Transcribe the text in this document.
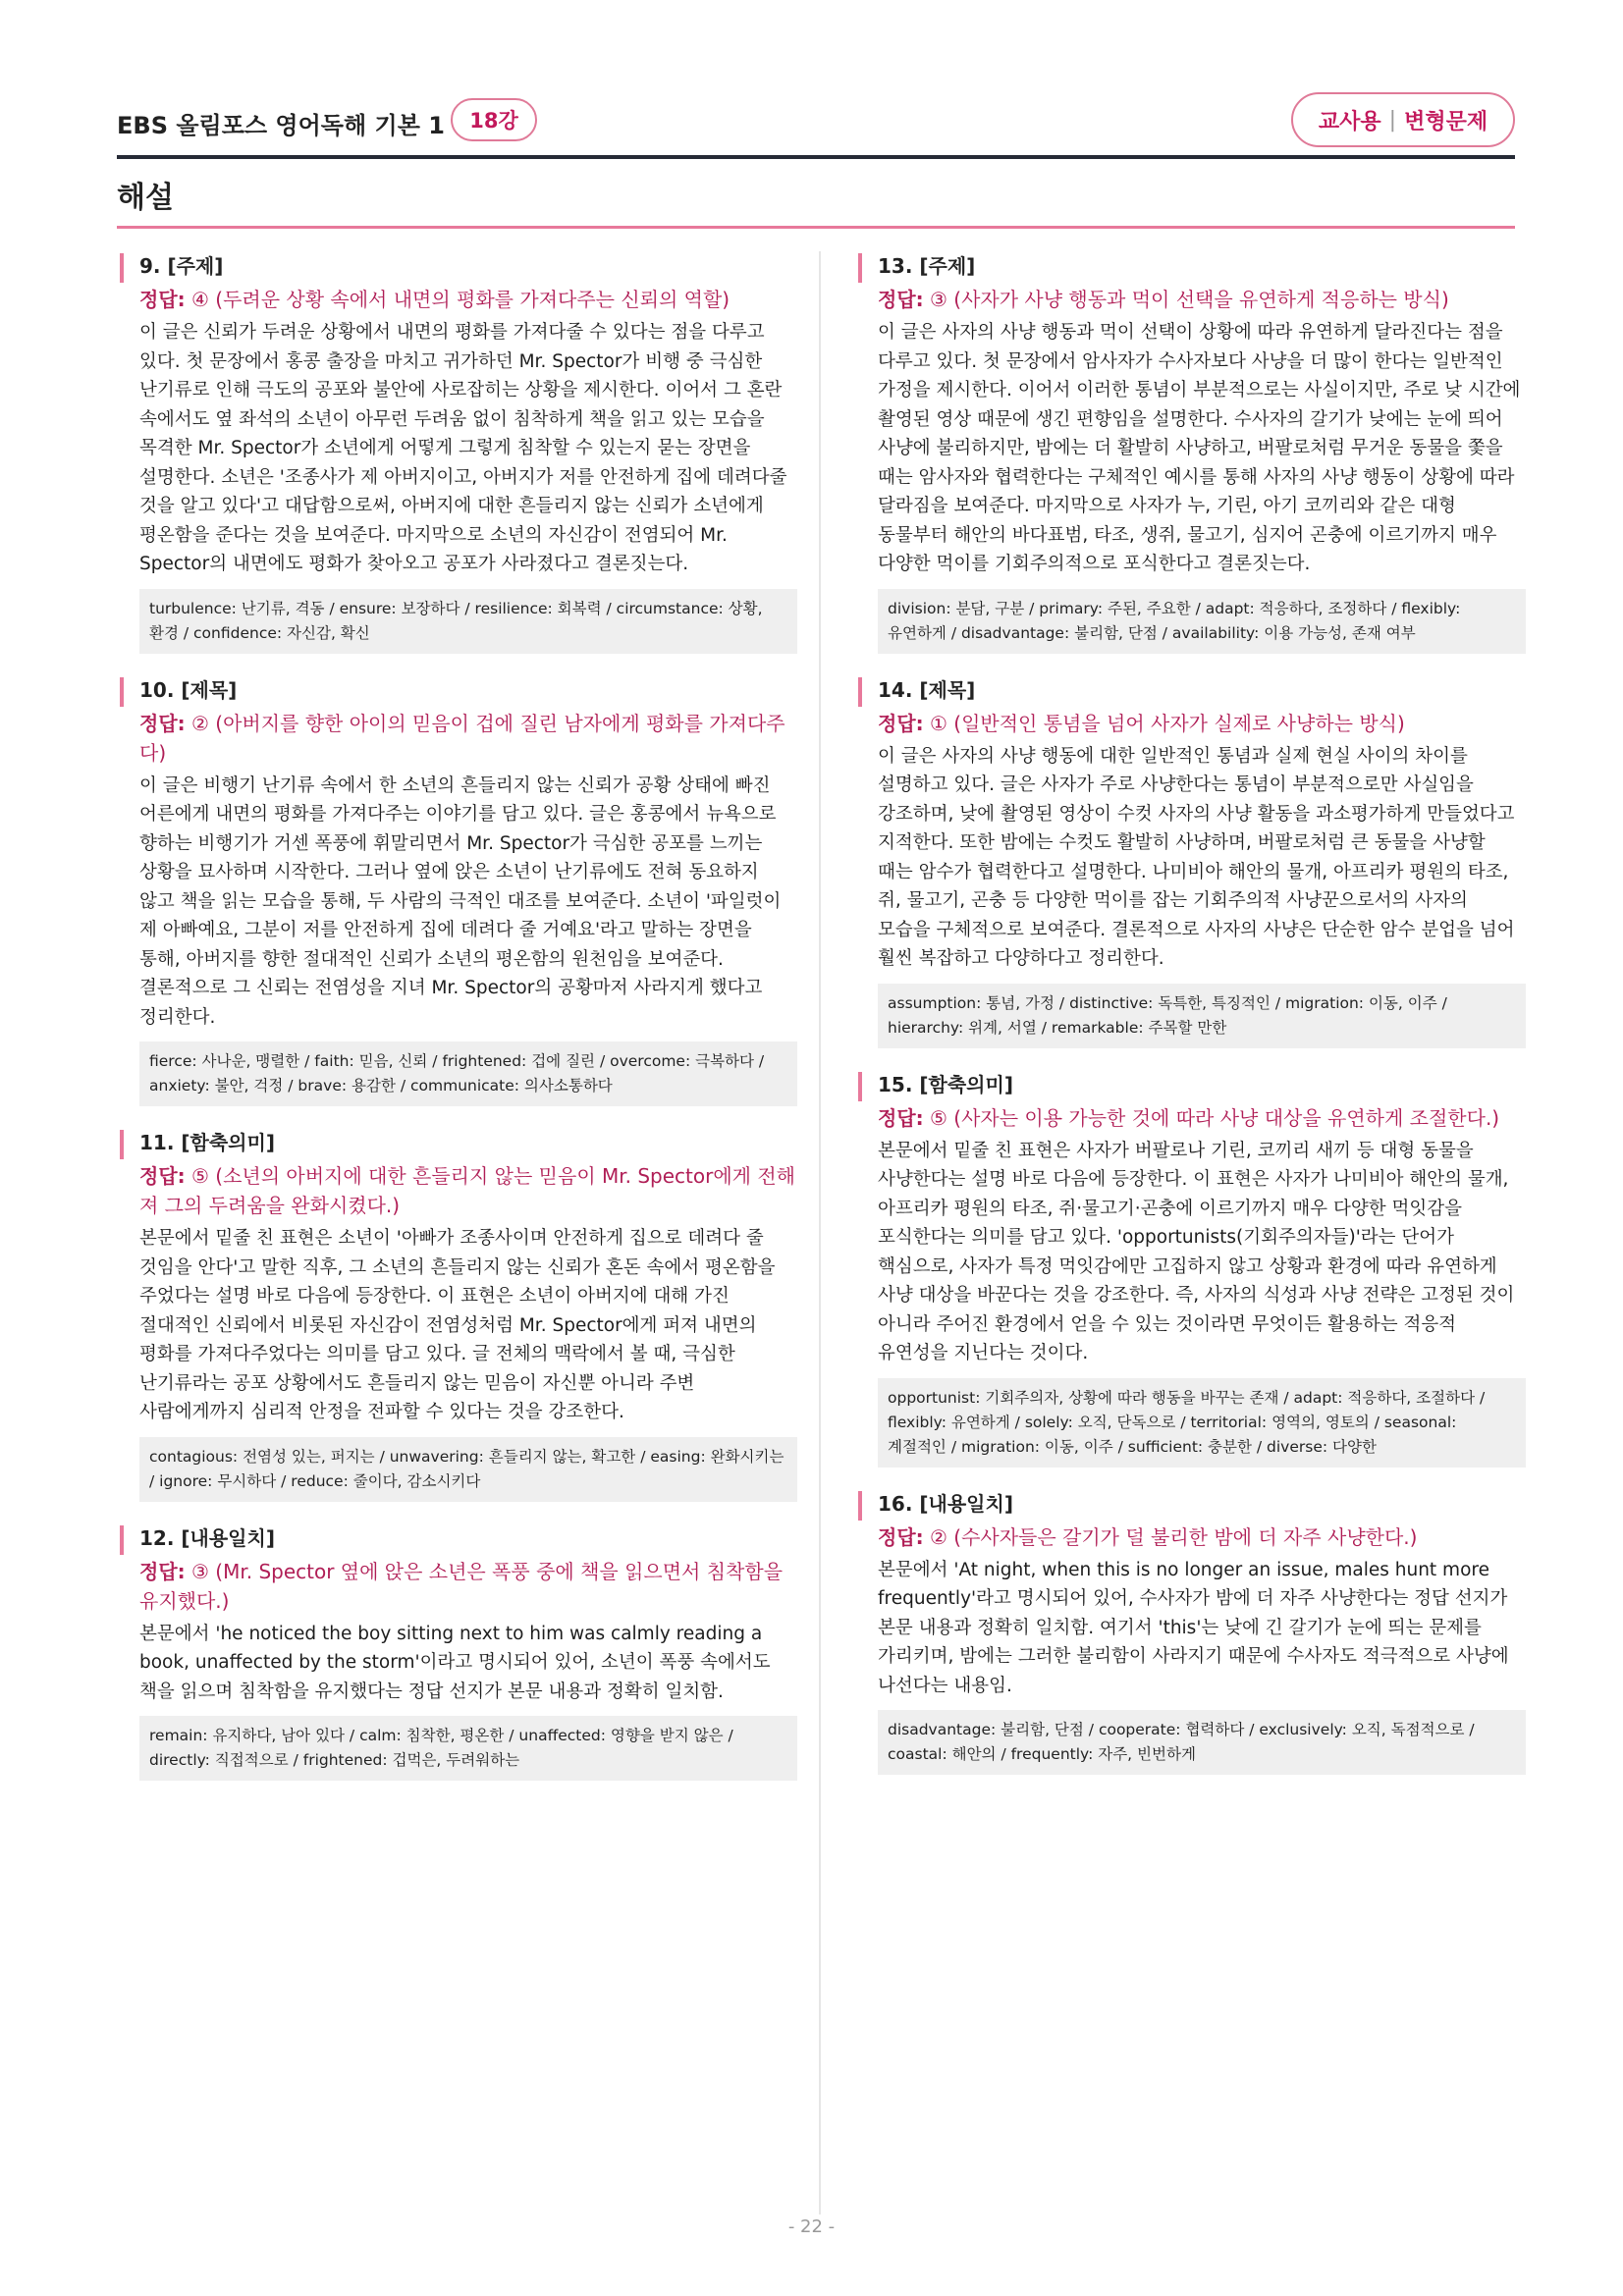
EBS 올림포스 영어독해 기본 1	18강	교사용 | 변형문제
해설
9. [주제]
정답: ④ (두려운 상황 속에서 내면의 평화를 가져다주는 신뢰의 역할)
이 글은 신뢰가 두려운 상황에서 내면의 평화를 가져다줄 수 있다는 점을 다루고 있다. 첫 문장에서 홍콩 출장을 마치고 귀가하던 Mr. Spector가 비행 중 극심한 난기류로 인해 극도의 공포와 불안에 사로잡히는 상황을 제시한다. 이어서 그 혼란 속에서도 옆 좌석의 소년이 아무런 두려움 없이 침착하게 책을 읽고 있는 모습을 목격한 Mr. Spector가 소년에게 어떻게 그렇게 침착할 수 있는지 묻는 장면을 설명한다. 소년은 '조종사가 제 아버지이고, 아버지가 저를 안전하게 집에 데려다줄 것을 알고 있다'고 대답함으로써, 아버지에 대한 흔들리지 않는 신뢰가 소년에게 평온함을 준다는 것을 보여준다. 마지막으로 소년의 자신감이 전염되어 Mr. Spector의 내면에도 평화가 찾아오고 공포가 사라졌다고 결론짓는다.
turbulence: 난기류, 격동 / ensure: 보장하다 / resilience: 회복력 / circumstance: 상황, 환경 / confidence: 자신감, 확신
10. [제목]
정답: ② (아버지를 향한 아이의 믿음이 겁에 질린 남자에게 평화를 가져다주다)
이 글은 비행기 난기류 속에서 한 소년의 흔들리지 않는 신뢰가 공황 상태에 빠진 어른에게 내면의 평화를 가져다주는 이야기를 담고 있다. 글은 홍콩에서 뉴욕으로 향하는 비행기가 거센 폭풍에 휘말리면서 Mr. Spector가 극심한 공포를 느끼는 상황을 묘사하며 시작한다. 그러나 옆에 앉은 소년이 난기류에도 전혀 동요하지 않고 책을 읽는 모습을 통해, 두 사람의 극적인 대조를 보여준다. 소년이 '파일럿이 제 아빠예요, 그분이 저를 안전하게 집에 데려다 줄 거예요'라고 말하는 장면을 통해, 아버지를 향한 절대적인 신뢰가 소년의 평온함의 원천임을 보여준다. 결론적으로 그 신뢰는 전염성을 지녀 Mr. Spector의 공황마저 사라지게 했다고 정리한다.
fierce: 사나운, 맹렬한 / faith: 믿음, 신뢰 / frightened: 겁에 질린 / overcome: 극복하다 / anxiety: 불안, 걱정 / brave: 용감한 / communicate: 의사소통하다
11. [함축의미]
정답: ⑤ (소년의 아버지에 대한 흔들리지 않는 믿음이 Mr. Spector에게 전해져 그의 두려움을 완화시켰다.)
본문에서 밑줄 친 표현은 소년이 '아빠가 조종사이며 안전하게 집으로 데려다 줄 것임을 안다'고 말한 직후, 그 소년의 흔들리지 않는 신뢰가 혼돈 속에서 평온함을 주었다는 설명 바로 다음에 등장한다. 이 표현은 소년이 아버지에 대해 가진 절대적인 신뢰에서 비롯된 자신감이 전염성처럼 Mr. Spector에게 퍼져 내면의 평화를 가져다주었다는 의미를 담고 있다. 글 전체의 맥락에서 볼 때, 극심한 난기류라는 공포 상황에서도 흔들리지 않는 믿음이 자신뿐 아니라 주변 사람에게까지 심리적 안정을 전파할 수 있다는 것을 강조한다.
contagious: 전염성 있는, 퍼지는 / unwavering: 흔들리지 않는, 확고한 / easing: 완화시키는 / ignore: 무시하다 / reduce: 줄이다, 감소시키다
12. [내용일치]
정답: ③ (Mr. Spector 옆에 앉은 소년은 폭풍 중에 책을 읽으면서 침착함을 유지했다.)
본문에서 'he noticed the boy sitting next to him was calmly reading a book, unaffected by the storm'이라고 명시되어 있어, 소년이 폭풍 속에서도 책을 읽으며 침착함을 유지했다는 정답 선지가 본문 내용과 정확히 일치함.
remain: 유지하다, 남아 있다 / calm: 침착한, 평온한 / unaffected: 영향을 받지 않은 / directly: 직접적으로 / frightened: 겁먹은, 두려워하는
13. [주제]
정답: ③ (사자가 사냥 행동과 먹이 선택을 유연하게 적응하는 방식)
이 글은 사자의 사냥 행동과 먹이 선택이 상황에 따라 유연하게 달라진다는 점을 다루고 있다. 첫 문장에서 암사자가 수사자보다 사냥을 더 많이 한다는 일반적인 가정을 제시한다. 이어서 이러한 통념이 부분적으로는 사실이지만, 주로 낮 시간에 촬영된 영상 때문에 생긴 편향임을 설명한다. 수사자의 갈기가 낮에는 눈에 띄어 사냥에 불리하지만, 밤에는 더 활발히 사냥하고, 버팔로처럼 무거운 동물을 쫓을 때는 암사자와 협력한다는 구체적인 예시를 통해 사자의 사냥 행동이 상황에 따라 달라짐을 보여준다. 마지막으로 사자가 누, 기린, 아기 코끼리와 같은 대형 동물부터 해안의 바다표범, 타조, 생쥐, 물고기, 심지어 곤충에 이르기까지 매우 다양한 먹이를 기회주의적으로 포식한다고 결론짓는다.
division: 분담, 구분 / primary: 주된, 주요한 / adapt: 적응하다, 조정하다 / flexibly: 유연하게 / disadvantage: 불리함, 단점 / availability: 이용 가능성, 존재 여부
14. [제목]
정답: ① (일반적인 통념을 넘어 사자가 실제로 사냥하는 방식)
이 글은 사자의 사냥 행동에 대한 일반적인 통념과 실제 현실 사이의 차이를 설명하고 있다. 글은 사자가 주로 사냥한다는 통념이 부분적으로만 사실임을 강조하며, 낮에 촬영된 영상이 수컷 사자의 사냥 활동을 과소평가하게 만들었다고 지적한다. 또한 밤에는 수컷도 활발히 사냥하며, 버팔로처럼 큰 동물을 사냥할 때는 암수가 협력한다고 설명한다. 나미비아 해안의 물개, 아프리카 평원의 타조, 쥐, 물고기, 곤충 등 다양한 먹이를 잡는 기회주의적 사냥꾼으로서의 사자의 모습을 구체적으로 보여준다. 결론적으로 사자의 사냥은 단순한 암수 분업을 넘어 훨씬 복잡하고 다양하다고 정리한다.
assumption: 통념, 가정 / distinctive: 독특한, 특징적인 / migration: 이동, 이주 / hierarchy: 위계, 서열 / remarkable: 주목할 만한
15. [함축의미]
정답: ⑤ (사자는 이용 가능한 것에 따라 사냥 대상을 유연하게 조절한다.)
본문에서 밑줄 친 표현은 사자가 버팔로나 기린, 코끼리 새끼 등 대형 동물을 사냥한다는 설명 바로 다음에 등장한다. 이 표현은 사자가 나미비아 해안의 물개, 아프리카 평원의 타조, 쥐·물고기·곤충에 이르기까지 매우 다양한 먹잇감을 포식한다는 의미를 담고 있다. 'opportunists(기회주의자들)'라는 단어가 핵심으로, 사자가 특정 먹잇감에만 고집하지 않고 상황과 환경에 따라 유연하게 사냥 대상을 바꾼다는 것을 강조한다. 즉, 사자의 식성과 사냥 전략은 고정된 것이 아니라 주어진 환경에서 얻을 수 있는 것이라면 무엇이든 활용하는 적응적 유연성을 지닌다는 것이다.
opportunist: 기회주의자, 상황에 따라 행동을 바꾸는 존재 / adapt: 적응하다, 조절하다 / flexibly: 유연하게 / solely: 오직, 단독으로 / territorial: 영역의, 영토의 / seasonal: 계절적인 / migration: 이동, 이주 / sufficient: 충분한 / diverse: 다양한
16. [내용일치]
정답: ② (수사자들은 갈기가 덜 불리한 밤에 더 자주 사냥한다.)
본문에서 'At night, when this is no longer an issue, males hunt more frequently'라고 명시되어 있어, 수사자가 밤에 더 자주 사냥한다는 정답 선지가 본문 내용과 정확히 일치함. 여기서 'this'는 낮에 긴 갈기가 눈에 띄는 문제를 가리키며, 밤에는 그러한 불리함이 사라지기 때문에 수사자도 적극적으로 사냥에 나선다는 내용임.
disadvantage: 불리함, 단점 / cooperate: 협력하다 / exclusively: 오직, 독점적으로 / coastal: 해안의 / frequently: 자주, 빈번하게
- 22 -
